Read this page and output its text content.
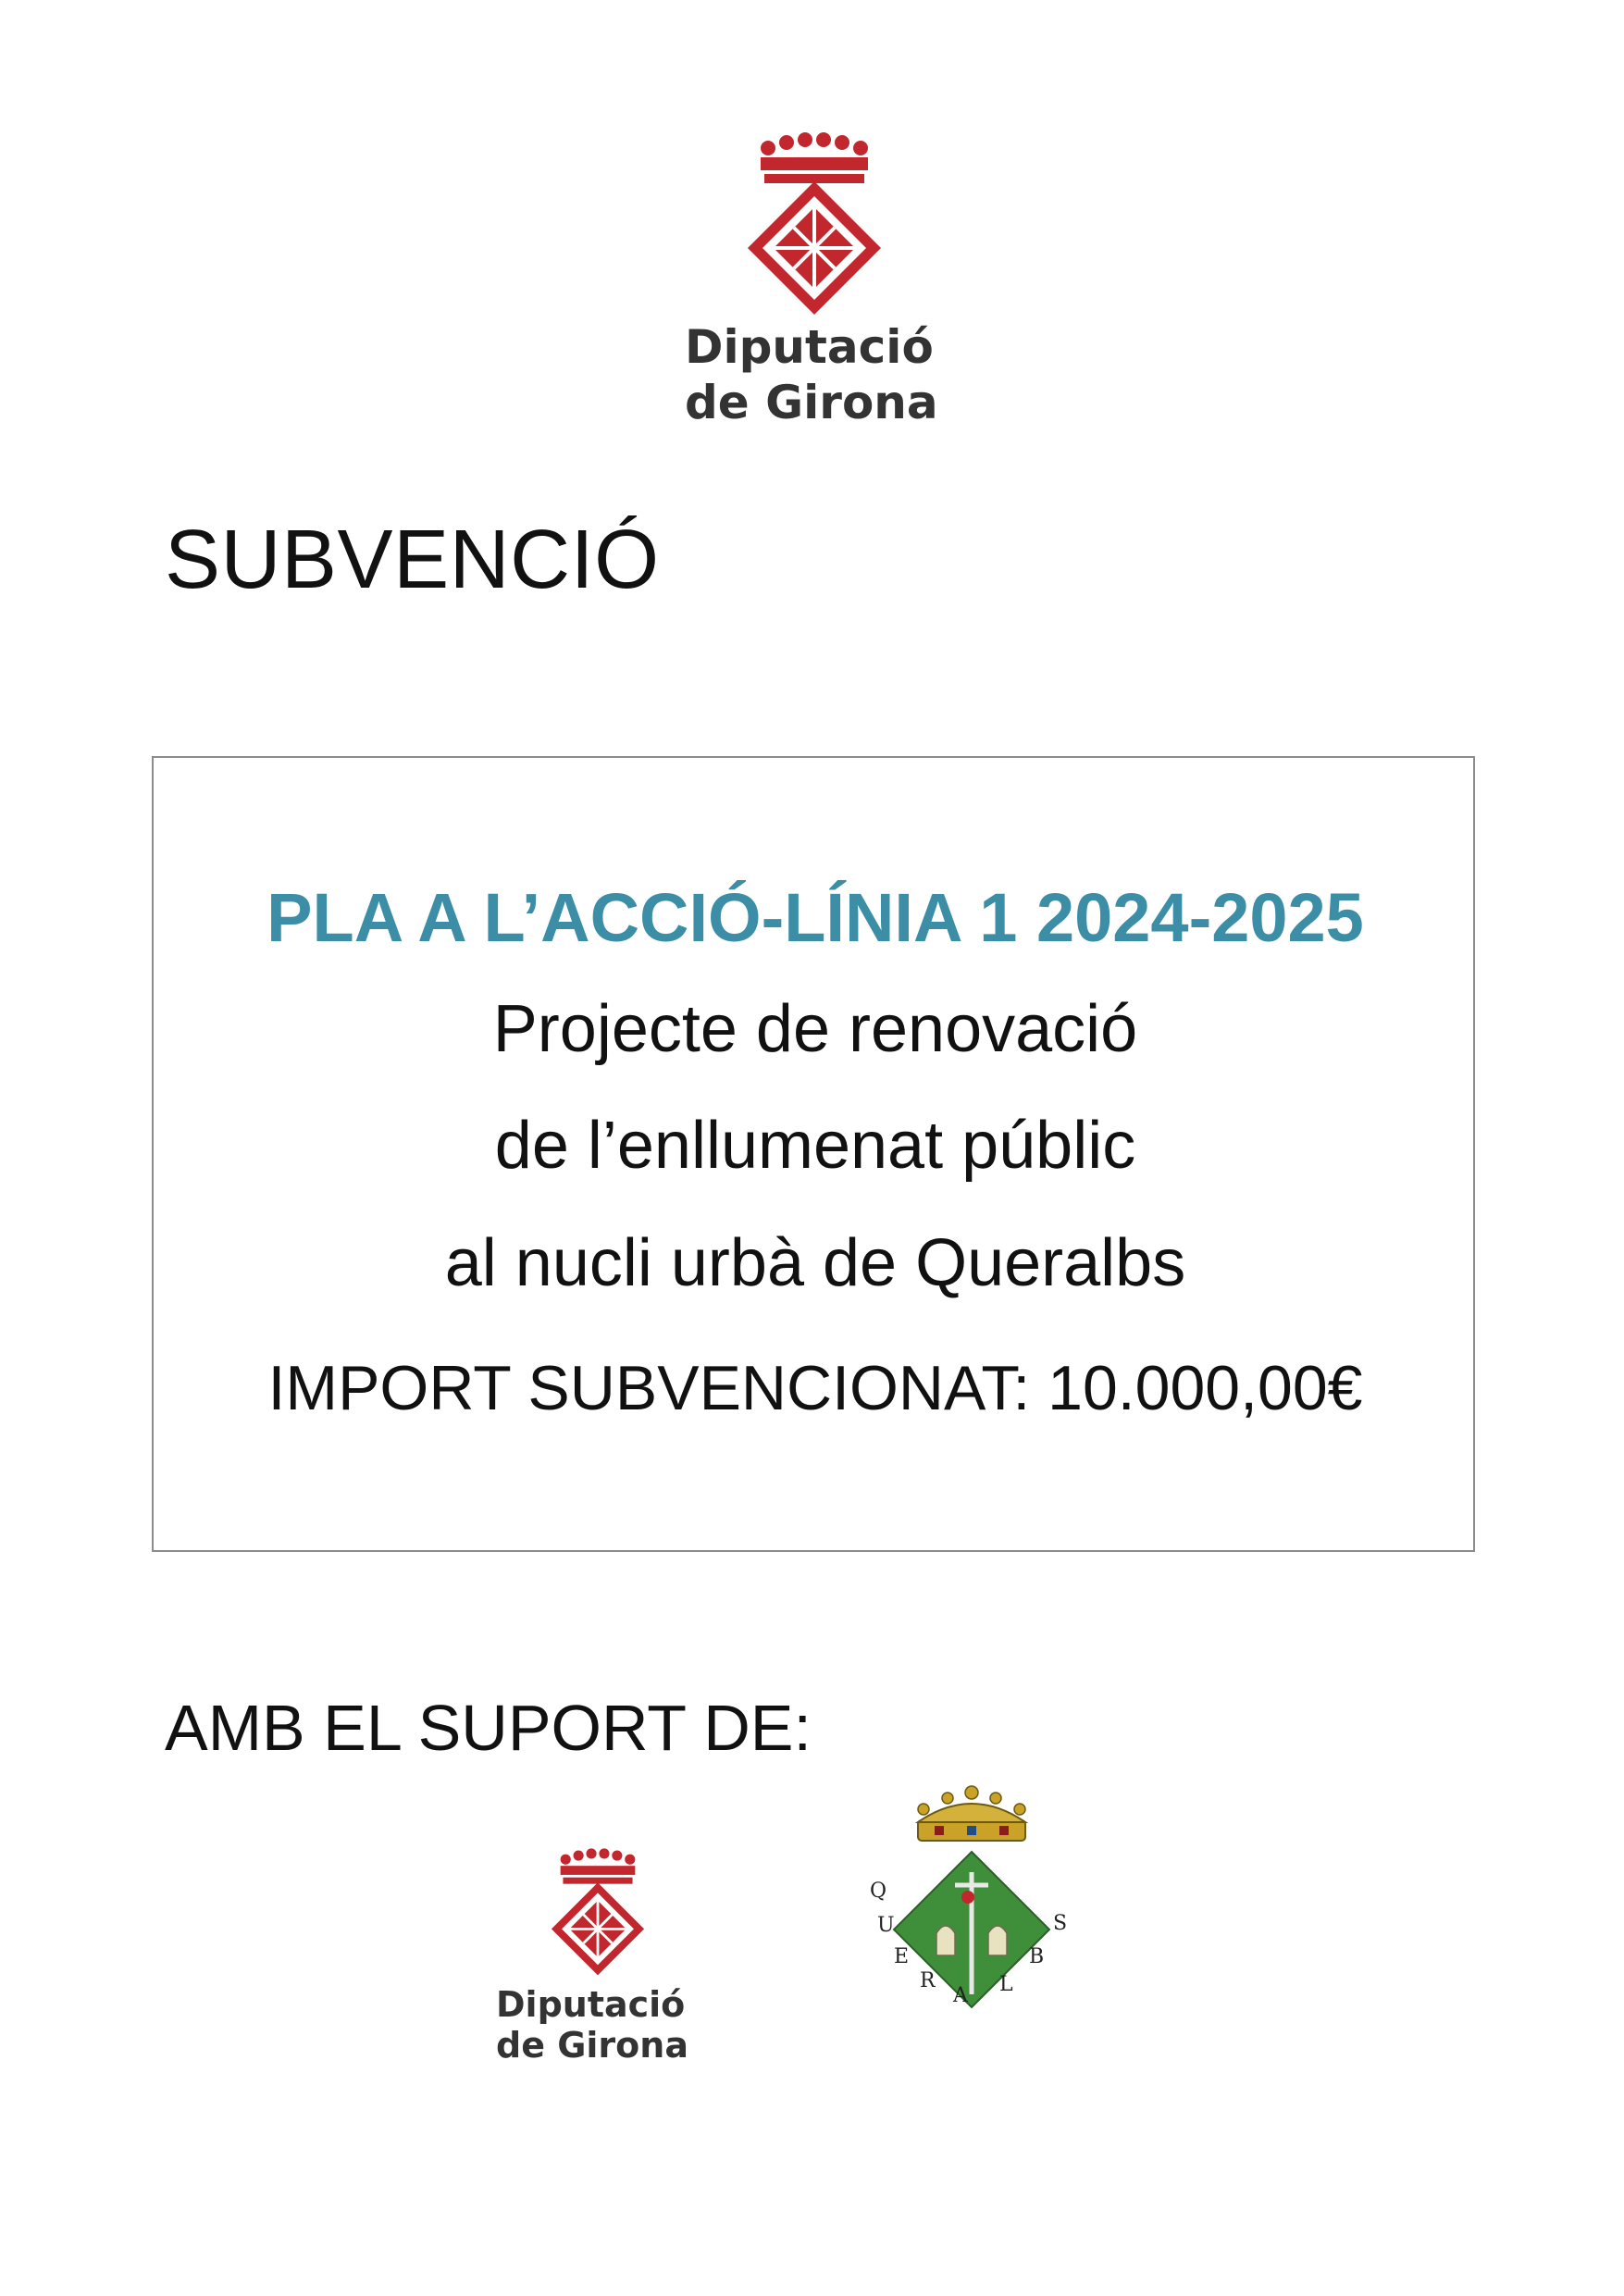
Diputació
de Girona
SUBVENCIÓ
PLA A L’ACCIÓ-LÍNIA 1 2024-2025
Projecte de renovació
de l’enllumenat públic
al nucli urbà de Queralbs
IMPORT SUBVENCIONAT: 10.000,00€
AMB EL SUPORT DE:
Diputació
de Girona
Q
U
E
R
A L
B
S
